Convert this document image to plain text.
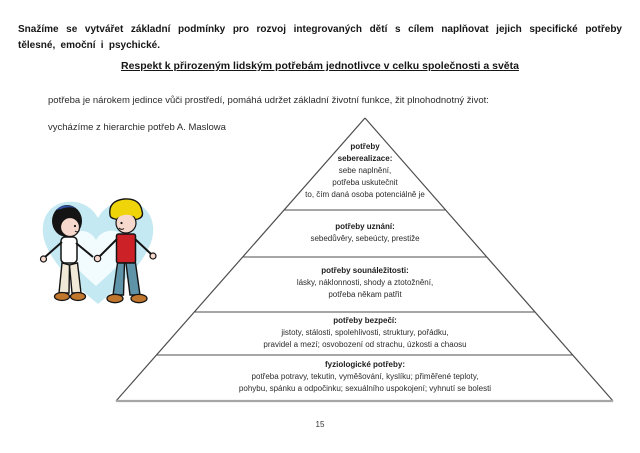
Snažíme se vytvářet základní podmínky pro rozvoj integrovaných dětí s cílem naplňovat jejich specifické potřeby tělesné, emoční i psychické.
Respekt k přirozeným lidským potřebám jednotlivce v celku společnosti a světa
potřeba je nárokem jedince vůči prostředí, pomáhá udržet základní životní funkce, žit plnohodnotný život:
vycházíme z hierarchie potřeb A. Maslowa
potřeby
seberealizace:
sebe naplnění,
potřeba uskutečnit
to, čím daná osoba potenciálně je
potřeby uznání:
sebedůvěry, sebeúcty, prestiže
potřeby sounáležitosti:
lásky, náklonnosti, shody a ztotožnění,
potřeba někam patřit
potřeby bezpečí:
jistoty, stálosti, spolehlivosti, struktury, pořádku,
pravidel a mezí; osvobození od strachu, úzkosti a chaosu
fyziologické potřeby:
potřeba potravy, tekutin, vyměšování, kyslíku; přiměřené teploty,
pohybu, spánku a odpočinku; sexuálního uspokojení; vyhnutí se bolesti
15
